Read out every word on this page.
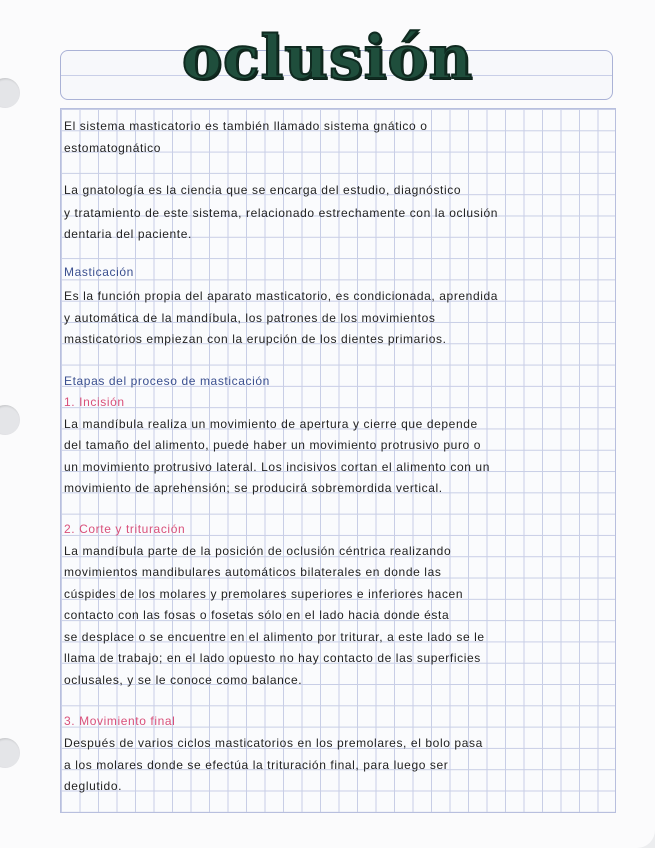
oclusión
El sistema masticatorio es también llamado sistema gnático o
estomatognático
La gnatología es la ciencia que se encarga del estudio, diagnóstico
y tratamiento de este sistema, relacionado estrechamente con la oclusión
dentaria del paciente.
Masticación
Es la función propia del aparato masticatorio, es condicionada, aprendida
y automática de la mandíbula, los patrones de los movimientos
masticatorios empiezan con la erupción de los dientes primarios.
Etapas del proceso de masticación
1. Incisión
La mandíbula realiza un movimiento de apertura y cierre que depende
del tamaño del alimento, puede haber un movimiento protrusivo puro o
un movimiento protrusivo lateral. Los incisivos cortan el alimento con un
movimiento de aprehensión; se producirá sobremordida vertical.
2. Corte y trituración
La mandíbula parte de la posición de oclusión céntrica realizando
movimientos mandibulares automáticos bilaterales en donde las
cúspides de los molares y premolares superiores e inferiores hacen
contacto con las fosas o fosetas sólo en el lado hacia donde ésta
se desplace o se encuentre en el alimento por triturar, a este lado se le
llama de trabajo; en el lado opuesto no hay contacto de las superficies
oclusales, y se le conoce como balance.
3. Movimiento final
Después de varios ciclos masticatorios en los premolares, el bolo pasa
a los molares donde se efectúa la trituración final, para luego ser
deglutido.
